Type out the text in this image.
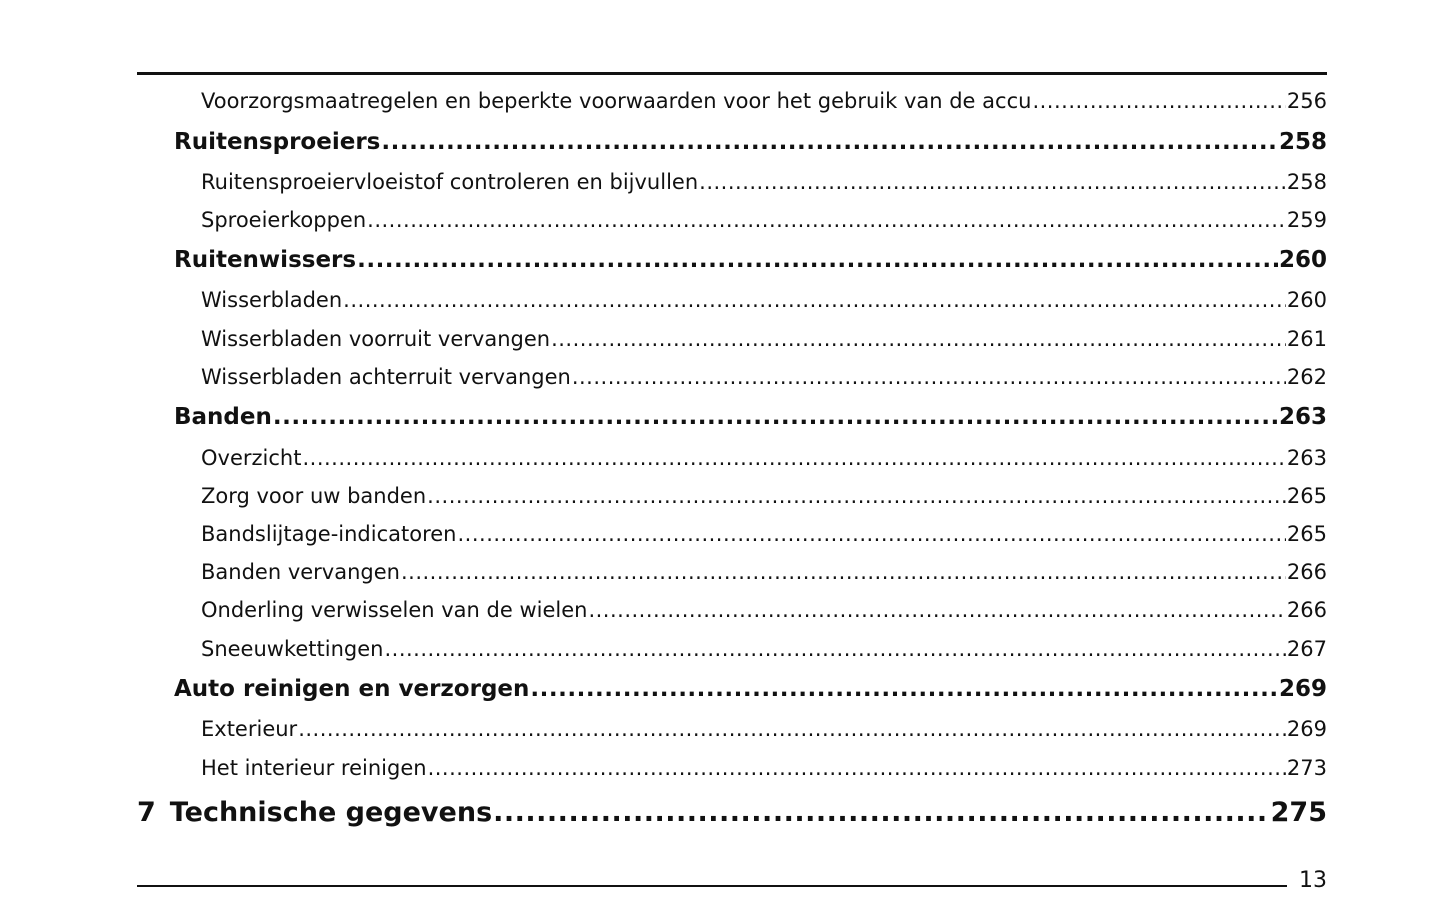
Voorzorgsmaatregelen en beperkte voorwaarden voor het gebruik van de accu .....	256
Ruitensproeiers .....	258
Ruitensproeiervloeistof controleren en bijvullen .....	258
Sproeierkoppen .....	259
Ruitenwissers .....	260
Wisserbladen .....	260
Wisserbladen voorruit vervangen .....	261
Wisserbladen achterruit vervangen .....	262
Banden .....	263
Overzicht .....	263
Zorg voor uw banden .....	265
Bandslijtage-indicatoren .....	265
Banden vervangen .....	266
Onderling verwisselen van de wielen .....	266
Sneeuwkettingen .....	267
Auto reinigen en verzorgen .....	269
Exterieur .....	269
Het interieur reinigen .....	273
7 Technische gegevens .....	275
13
